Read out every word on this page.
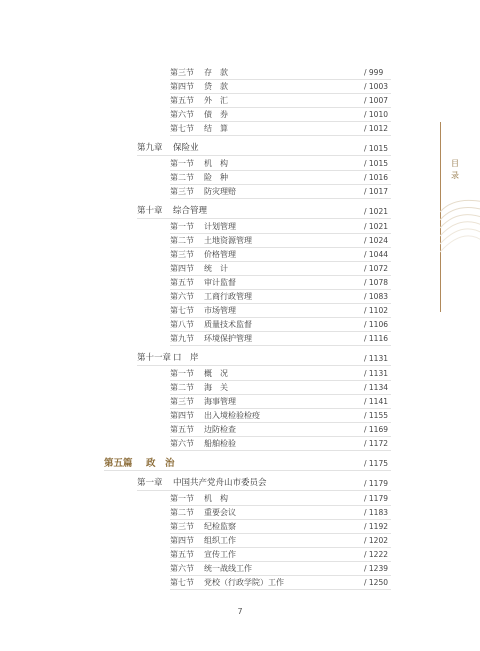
第三节 存　款	/ 999
第四节 贷　款	/ 1003
第五节 外　汇	/ 1007
第六节 债　券	/ 1010
第七节 结　算	/ 1012
第九章 保险业	/ 1015
第一节 机　构	/ 1015
第二节 险　种	/ 1016
第三节 防灾理赔	/ 1017
第十章 综合管理	/ 1021
第一节 计划管理	/ 1021
第二节 土地资源管理	/ 1024
第三节 价格管理	/ 1044
第四节 统　计	/ 1072
第五节 审计监督	/ 1078
第六节 工商行政管理	/ 1083
第七节 市场管理	/ 1102
第八节 质量技术监督	/ 1106
第九节 环境保护管理	/ 1116
第十一章 口　岸	/ 1131
第一节 概　况	/ 1131
第二节 海　关	/ 1134
第三节 海事管理	/ 1141
第四节 出入境检验检疫	/ 1155
第五节 边防检查	/ 1169
第六节 船舶检验	/ 1172
第五篇 政　治	/ 1175
第一章 中国共产党舟山市委员会	/ 1179
第一节 机　构	/ 1179
第二节 重要会议	/ 1183
第三节 纪检监察	/ 1192
第四节 组织工作	/ 1202
第五节 宣传工作	/ 1222
第六节 统一战线工作	/ 1239
第七节 党校（行政学院）工作	/ 1250
目录
7
